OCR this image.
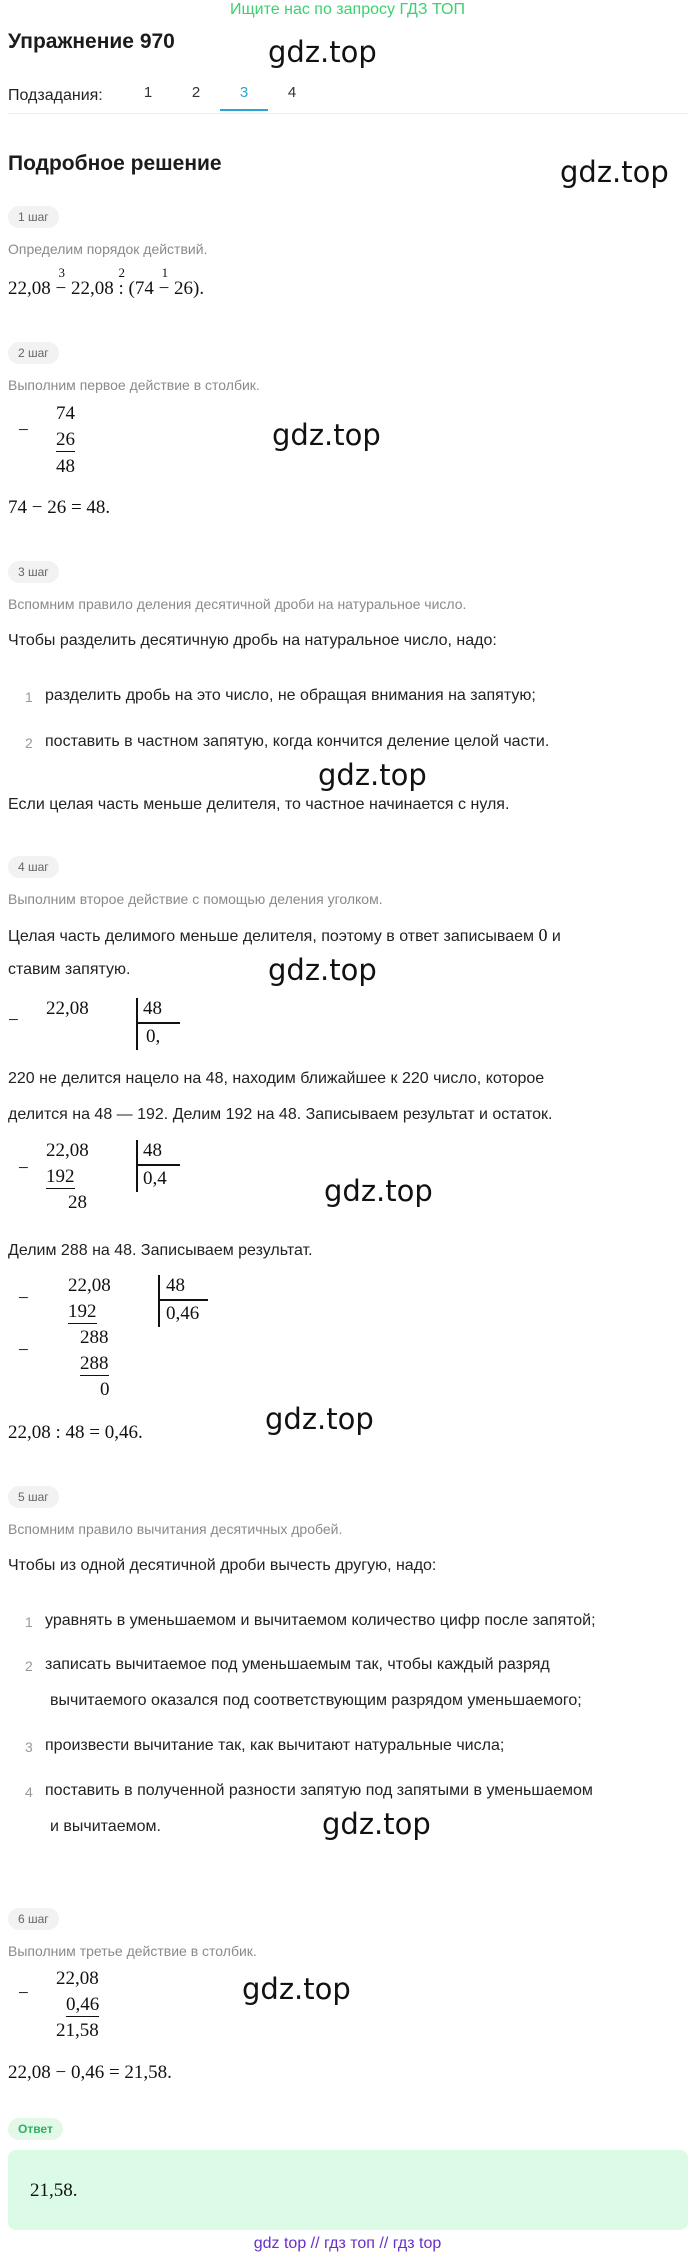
Ищите нас по запросу ГДЗ ТОП
Упражнение 970
Подзадания:	1	2	3	4
Подробное решение
gdz.top
gdz.top
gdz.top
gdz.top
gdz.top
gdz.top
gdz.top
gdz.top
gdz.top
1 шаг
Определим порядок действий.
22,08
3
− 22,08
2
: (74
1
− 26).
2 шаг
Выполним первое действие в столбик.
−
74
26
48
74 − 26 = 48.
3 шаг
Вспомним правило деления десятичной дроби на натуральное число.
Чтобы разделить десятичную дробь на натуральное число, надо:
1 разделить дробь на это число, не обращая внимания на запятую;
2 поставить в частном запятую, когда кончится деление целой части.
Если целая часть меньше делителя, то частное начинается с нуля.
4 шаг
Выполним второе действие с помощью деления уголком.
Целая часть делимого меньше делителя, поэтому в ответ записываем 0 и
ставим запятую.
−
22,08	48
0,
220 не делится нацело на 48, находим ближайшее к 220 число, которое
делится на 48 — 192. Делим 192 на 48. Записываем результат и остаток.
−
22,08
192
28
48
0,4
Делим 288 на 48. Записываем результат.
−
−
22,08
192
288
288
0
48
0,46
22,08 : 48 = 0,46.
5 шаг
Вспомним правило вычитания десятичных дробей.
Чтобы из одной десятичной дроби вычесть другую, надо:
1 уравнять в уменьшаемом и вычитаемом количество цифр после запятой;
2 записать вычитаемое под уменьшаемым так, чтобы каждый разряд
вычитаемого оказался под соответствующим разрядом уменьшаемого;
3 произвести вычитание так, как вычитают натуральные числа;
4 поставить в полученной разности запятую под запятыми в уменьшаемом
и вычитаемом.
6 шаг
Выполним третье действие в столбик.
−
22,08
0,46
21,58
22,08 − 0,46 = 21,58.
Ответ
21,58.
gdz top // гдз топ // гдз top
